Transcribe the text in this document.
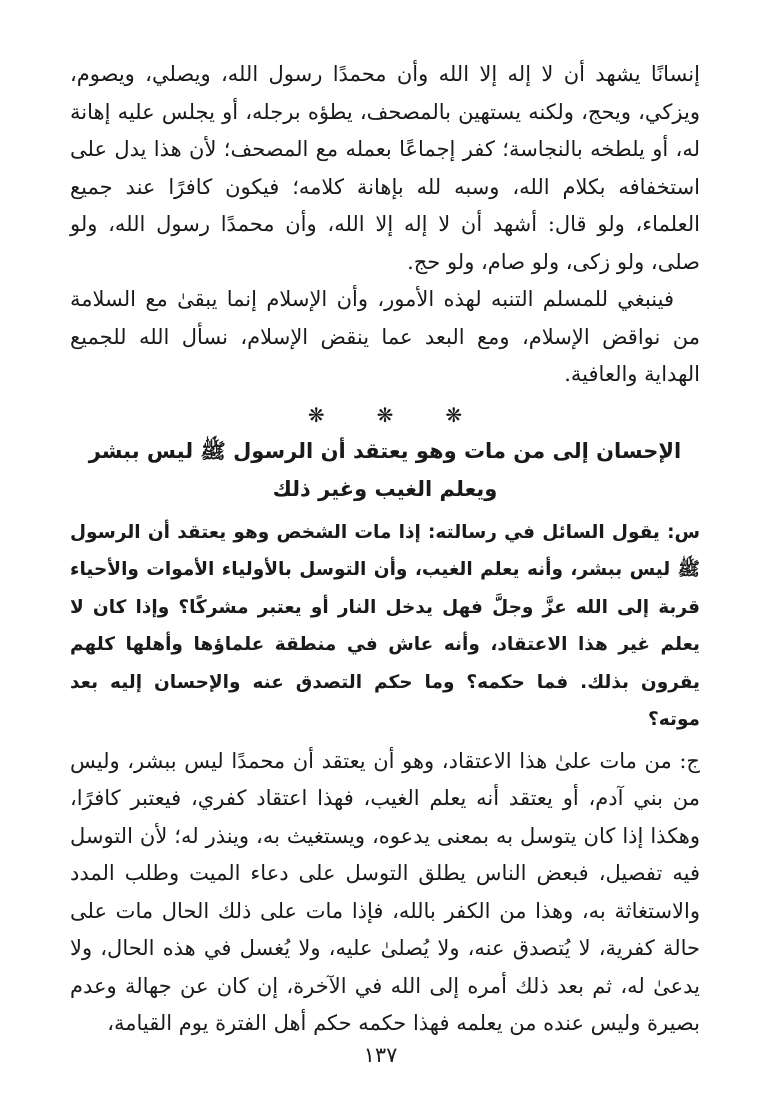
إنسانًا يشهد أن لا إله إلا الله وأن محمدًا رسول الله، ويصلي، ويصوم، ويزكي، ويحج، ولكنه يستهين بالمصحف، يطؤه برجله، أو يجلس عليه إهانة له، أو يلطخه بالنجاسة؛ كفر إجماعًا بعمله مع المصحف؛ لأن هذا يدل على استخفافه بكلام الله، وسبه لله بإهانة كلامه؛ فيكون كافرًا عند جميع العلماء، ولو قال: أشهد أن لا إله إلا الله، وأن محمدًا رسول الله، ولو صلى، ولو زكى، ولو صام، ولو حج.

فينبغي للمسلم التنبه لهذه الأمور، وأن الإسلام إنما يبقىٰ مع السلامة من نواقض الإسلام، ومع البعد عما ينقض الإسلام، نسأل الله للجميع الهداية والعافية.

❋
❋
❋
الإحسان إلى من مات وهو يعتقد أن الرسول ﷺ ليس ببشر
ويعلم الغيب وغير ذلك

س: يقول السائل في رسالته: إذا مات الشخص وهو يعتقد أن الرسول ﷺ ليس ببشر، وأنه يعلم الغيب، وأن التوسل بالأولياء الأموات والأحياء قربة إلى الله عزَّ وجلَّ فهل يدخل النار أو يعتبر مشركًا؟ وإذا كان لا يعلم غير هذا الاعتقاد، وأنه عاش في منطقة علماؤها وأهلها كلهم يقرون بذلك. فما حكمه؟ وما حكم التصدق عنه والإحسان إليه بعد موته؟

ج: من مات علىٰ هذا الاعتقاد، وهو أن يعتقد أن محمدًا ليس ببشر، وليس من بني آدم، أو يعتقد أنه يعلم الغيب، فهذا اعتقاد كفري، فيعتبر كافرًا، وهكذا إذا كان يتوسل به بمعنى يدعوه، ويستغيث به، وينذر له؛ لأن التوسل فيه تفصيل، فبعض الناس يطلق التوسل على دعاء الميت وطلب المدد والاستغاثة به، وهذا من الكفر بالله، فإذا مات على ذلك الحال مات على حالة كفرية، لا يُتصدق عنه، ولا يُصلىٰ عليه، ولا يُغسل في هذه الحال، ولا يدعىٰ له، ثم بعد ذلك أمره إلى الله في الآخرة، إن كان عن جهالة وعدم بصيرة وليس عنده من يعلمه فهذا حكمه حكم أهل الفترة يوم القيامة،

١٣٧
